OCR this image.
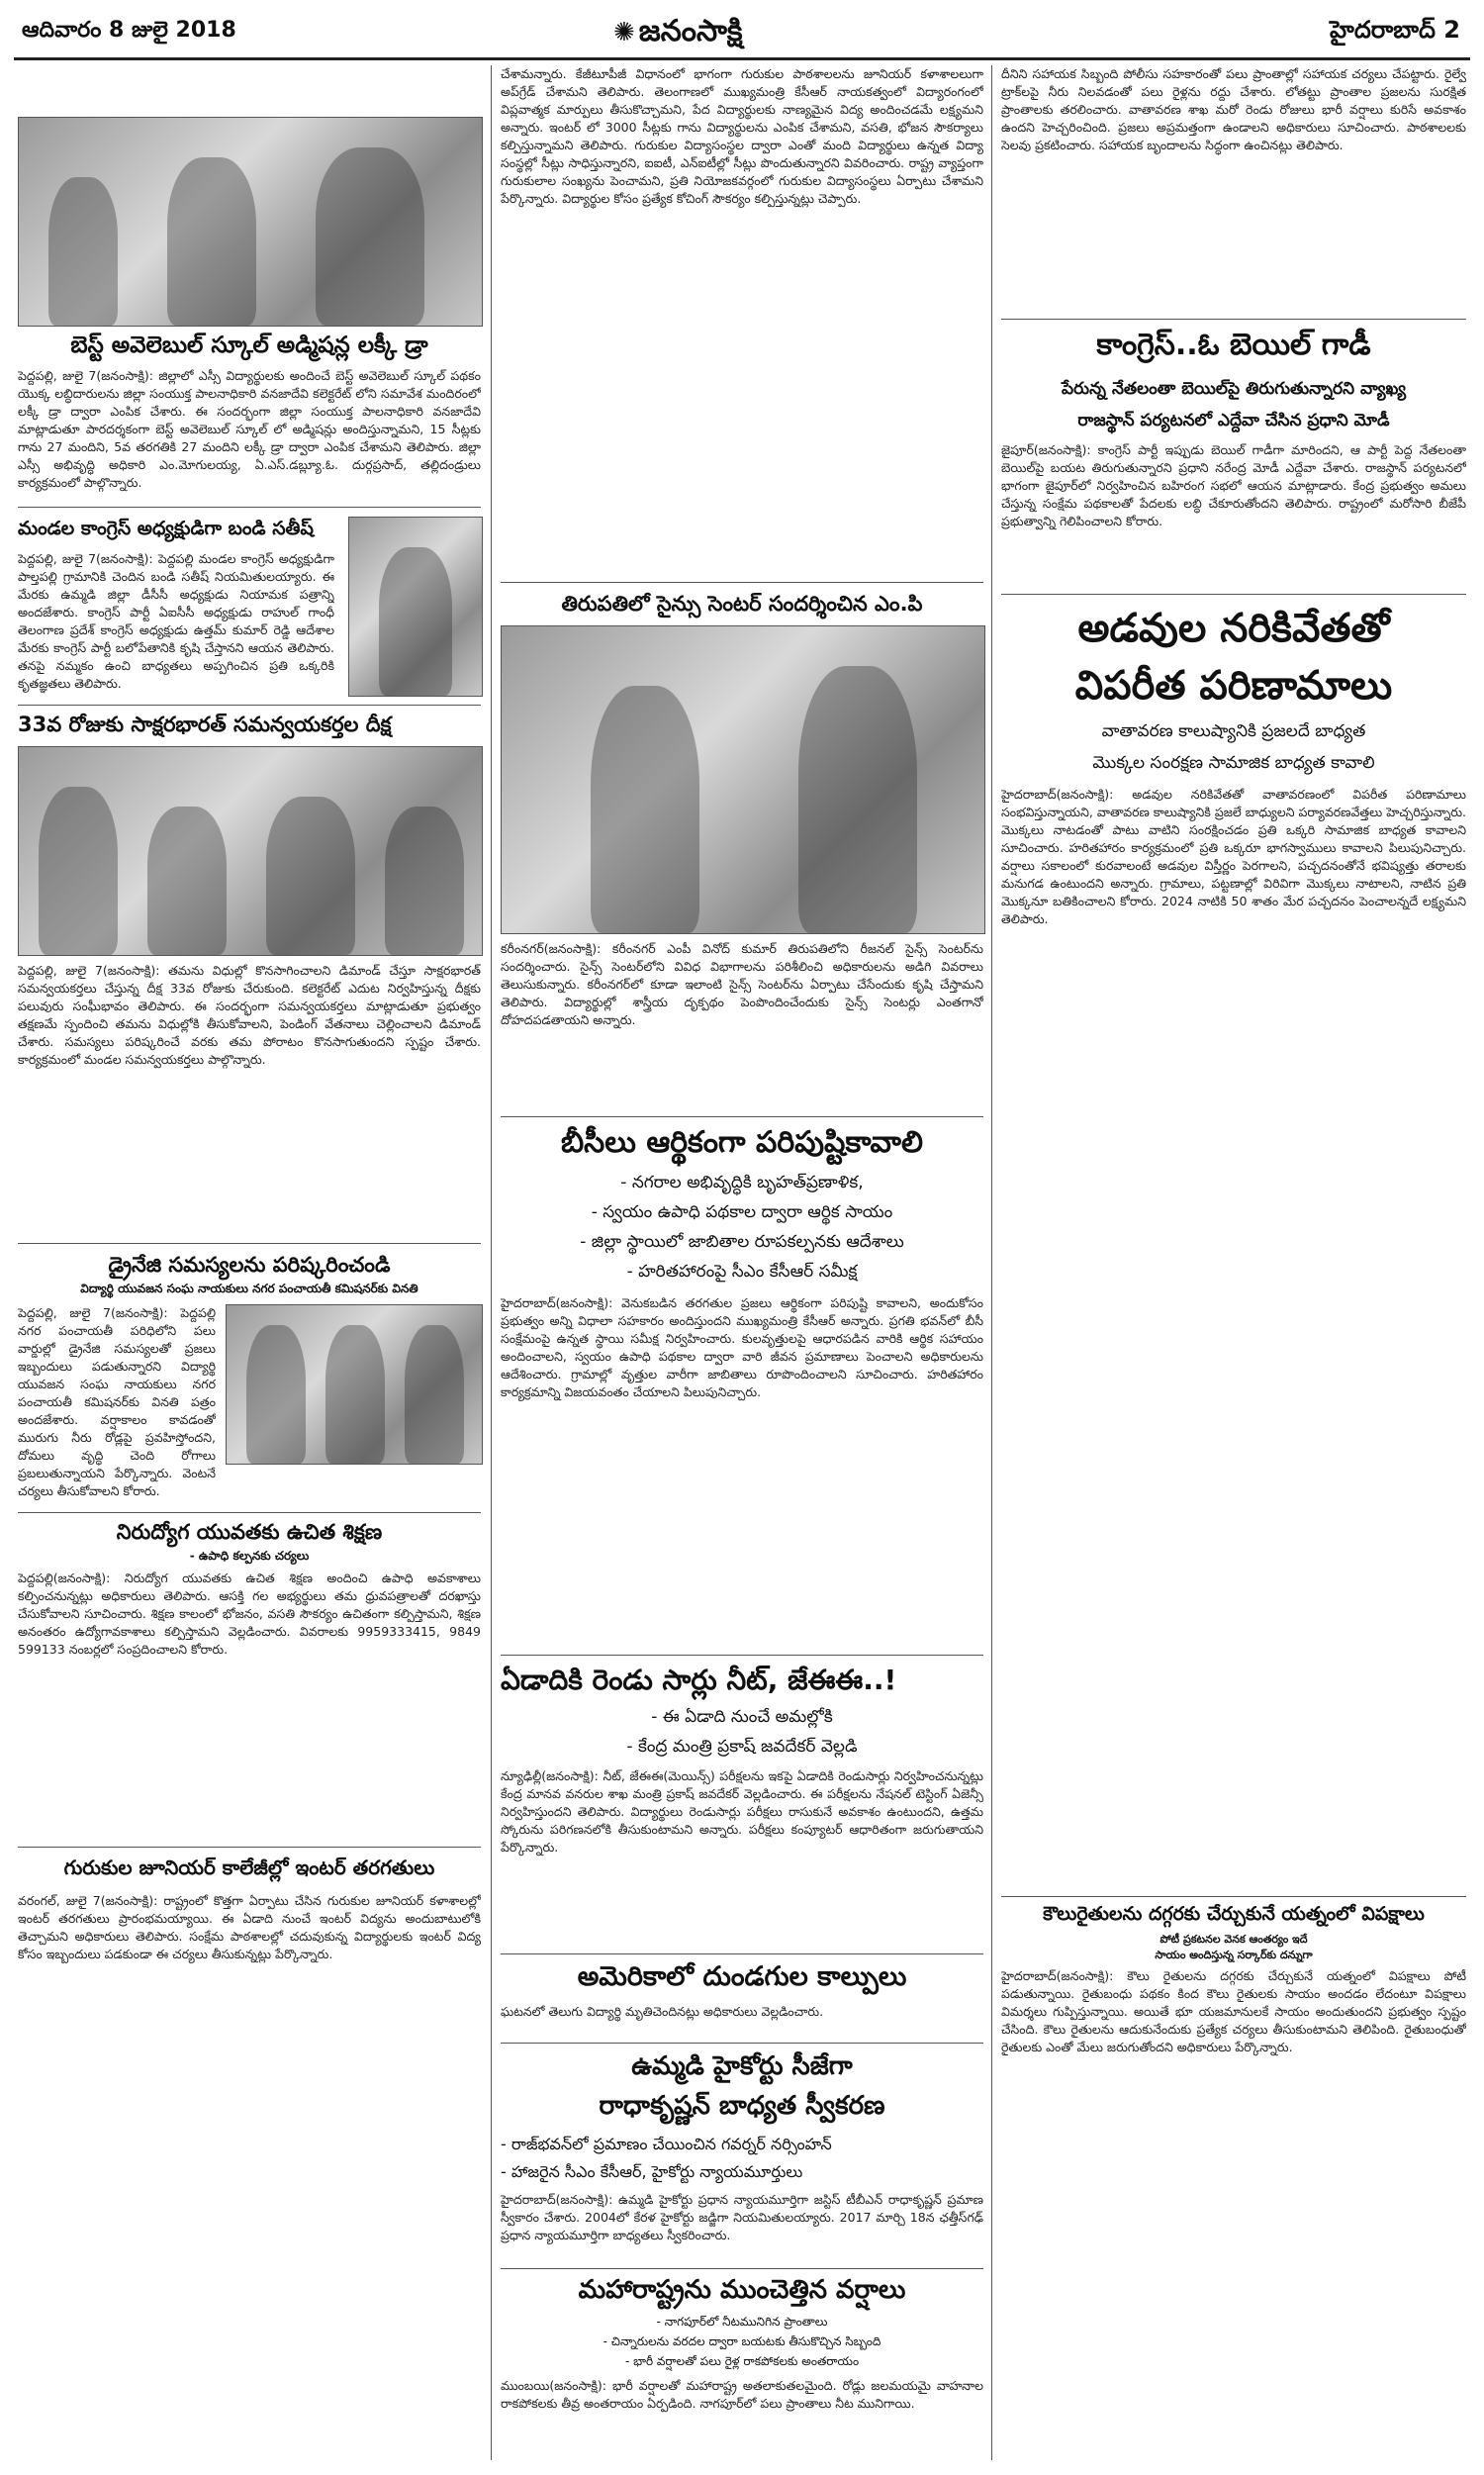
ఆదివారం 8 జులై 2018	✺ జనంసాక్షి	హైదరాబాద్ 2
బెస్ట్ అవెలెబుల్ స్కూల్ అడ్మిషన్ల లక్కీ డ్రా
పెద్దపల్లి, జులై 7(జనంసాక్షి): జిల్లాలో ఎస్సీ విద్యార్థులకు అందించే బెస్ట్ అవెలెబుల్ స్కూల్ పథకం యొక్క లబ్ధిదారులను జిల్లా సంయుక్త పాలనాధికారి వనజాదేవి కలెక్టరేట్ లోని సమావేశ మందిరంలో లక్కీ డ్రా ద్వారా ఎంపిక చేశారు. ఈ సందర్భంగా జిల్లా సంయుక్త పాలనాధికారి వనజాదేవి మాట్లాడుతూ పారదర్శకంగా బెస్ట్ అవెలెబుల్ స్కూల్ లో అడ్మిషన్లు అందిస్తున్నామని, 15 సీట్లకు గాను 27 మందిని, 5వ తరగతికి 27 మందిని లక్కీ డ్రా ద్వారా ఎంపిక చేశామని తెలిపారు. జిల్లా ఎస్సీ అభివృద్ధి అధికారి ఎం.మోగులయ్య, ఏ.ఎస్.డబ్ల్యూ.ఓ. దుర్గప్రసాద్, తల్లిదండ్రులు కార్యక్రమంలో పాల్గొన్నారు.
మండల కాంగ్రెస్ అధ్యక్షుడిగా బండి సతీష్
పెద్దపల్లి, జులై 7(జనంసాక్షి): పెద్దపల్లి మండల కాంగ్రెస్ అధ్యక్షుడిగా పాల్తపల్లి గ్రామానికి చెందిన బండి సతీష్ నియమితులయ్యారు. ఈ మేరకు ఉమ్మడి జిల్లా డీసీసీ అధ్యక్షుడు నియామక పత్రాన్ని అందజేశారు. కాంగ్రెస్ పార్టీ ఏఐసీసీ అధ్యక్షుడు రాహుల్ గాంధీ తెలంగాణ ప్రదేశ్ కాంగ్రెస్ అధ్యక్షుడు ఉత్తమ్ కుమార్ రెడ్డి ఆదేశాల మేరకు కాంగ్రెస్ పార్టీ బలోపేతానికి కృషి చేస్తానని ఆయన తెలిపారు. తనపై నమ్మకం ఉంచి బాధ్యతలు అప్పగించిన ప్రతి ఒక్కరికి కృతజ్ఞతలు తెలిపారు.
33వ రోజుకు సాక్షరభారత్ సమన్వయకర్తల దీక్ష
పెద్దపల్లి, జులై 7(జనంసాక్షి): తమను విధుల్లో కొనసాగించాలని డిమాండ్ చేస్తూ సాక్షరభారత్ సమన్వయకర్తలు చేస్తున్న దీక్ష 33వ రోజుకు చేరుకుంది. కలెక్టరేట్ ఎదుట నిర్వహిస్తున్న దీక్షకు పలువురు సంఘీభావం తెలిపారు. ఈ సందర్భంగా సమన్వయకర్తలు మాట్లాడుతూ ప్రభుత్వం తక్షణమే స్పందించి తమను విధుల్లోకి తీసుకోవాలని, పెండింగ్ వేతనాలు చెల్లించాలని డిమాండ్ చేశారు. సమస్యలు పరిష్కరించే వరకు తమ పోరాటం కొనసాగుతుందని స్పష్టం చేశారు. కార్యక్రమంలో మండల సమన్వయకర్తలు పాల్గొన్నారు.
డ్రైనేజి సమస్యలను పరిష్కరించండి
విద్యార్థి యువజన సంఘ నాయకులు నగర పంచాయతీ కమిషనర్‌కు వినతి
పెద్దపల్లి, జులై 7(జనంసాక్షి): పెద్దపల్లి నగర పంచాయతీ పరిధిలోని పలు వార్డుల్లో డ్రైనేజి సమస్యలతో ప్రజలు ఇబ్బందులు పడుతున్నారని విద్యార్థి యువజన సంఘ నాయకులు నగర పంచాయతీ కమిషనర్‌కు వినతి పత్రం అందజేశారు. వర్షాకాలం కావడంతో మురుగు నీరు రోడ్లపై ప్రవహిస్తోందని, దోమలు వృద్ధి చెంది రోగాలు ప్రబలుతున్నాయని పేర్కొన్నారు. వెంటనే చర్యలు తీసుకోవాలని కోరారు.
నిరుద్యోగ యువతకు ఉచిత శిక్షణ
- ఉపాధి కల్పనకు చర్యలు
పెద్దపల్లి(జనంసాక్షి): నిరుద్యోగ యువతకు ఉచిత శిక్షణ అందించి ఉపాధి అవకాశాలు కల్పించనున్నట్లు అధికారులు తెలిపారు. ఆసక్తి గల అభ్యర్థులు తమ ధ్రువపత్రాలతో దరఖాస్తు చేసుకోవాలని సూచించారు. శిక్షణ కాలంలో భోజనం, వసతి సౌకర్యం ఉచితంగా కల్పిస్తామని, శిక్షణ అనంతరం ఉద్యోగావకాశాలు కల్పిస్తామని వెల్లడించారు. వివరాలకు 9959333415, 9849 599133 నంబర్లలో సంప్రదించాలని కోరారు.
గురుకుల జూనియర్ కాలేజీల్లో ఇంటర్ తరగతులు
వరంగల్, జులై 7(జనంసాక్షి): రాష్ట్రంలో కొత్తగా ఏర్పాటు చేసిన గురుకుల జూనియర్ కళాశాలల్లో ఇంటర్ తరగతులు ప్రారంభమయ్యాయి. ఈ ఏడాది నుంచే ఇంటర్ విద్యను అందుబాటులోకి తెచ్చామని అధికారులు తెలిపారు. సంక్షేమ పాఠశాలల్లో చదువుకున్న విద్యార్థులకు ఇంటర్ విద్య కోసం ఇబ్బందులు పడకుండా ఈ చర్యలు తీసుకున్నట్లు పేర్కొన్నారు.
చేశామన్నారు. కేజీటూపీజీ విధానంలో భాగంగా గురుకుల పాఠశాలలను జూనియర్ కళాశాలలుగా అప్‌గ్రేడ్ చేశామని తెలిపారు. తెలంగాణలో ముఖ్యమంత్రి కేసీఆర్ నాయకత్వంలో విద్యారంగంలో విప్లవాత్మక మార్పులు తీసుకొచ్చామని, పేద విద్యార్థులకు నాణ్యమైన విద్య అందించడమే లక్ష్యమని అన్నారు. ఇంటర్ లో 3000 సీట్లకు గాను విద్యార్థులను ఎంపిక చేశామని, వసతి, భోజన సౌకర్యాలు కల్పిస్తున్నామని తెలిపారు. గురుకుల విద్యాసంస్థల ద్వారా ఎంతో మంది విద్యార్థులు ఉన్నత విద్యా సంస్థల్లో సీట్లు సాధిస్తున్నారని, ఐఐటీ, ఎన్ఐటీల్లో సీట్లు పొందుతున్నారని వివరించారు. రాష్ట్ర వ్యాప్తంగా గురుకులాల సంఖ్యను పెంచామని, ప్రతి నియోజకవర్గంలో గురుకుల విద్యాసంస్థలు ఏర్పాటు చేశామని పేర్కొన్నారు. విద్యార్థుల కోసం ప్రత్యేక కోచింగ్ సౌకర్యం కల్పిస్తున్నట్లు చెప్పారు.
తిరుపతిలో సైన్సు సెంటర్ సందర్శించిన ఎం.పి
కరీంనగర్(జనంసాక్షి): కరీంనగర్ ఎంపీ వినోద్ కుమార్ తిరుపతిలోని రీజనల్ సైన్స్ సెంటర్‌ను సందర్శించారు. సైన్స్ సెంటర్‌లోని వివిధ విభాగాలను పరిశీలించి అధికారులను అడిగి వివరాలు తెలుసుకున్నారు. కరీంనగర్‌లో కూడా ఇలాంటి సైన్స్ సెంటర్‌ను ఏర్పాటు చేసేందుకు కృషి చేస్తామని తెలిపారు. విద్యార్థుల్లో శాస్త్రీయ దృక్పథం పెంపొందించేందుకు సైన్స్ సెంటర్లు ఎంతగానో దోహదపడతాయని అన్నారు.
బీసీలు ఆర్థికంగా పరిపుష్టికావాలి
- నగరాల అభివృద్ధికి బృహత్‌ప్రణాళిక,
- స్వయం ఉపాధి పథకాల ద్వారా ఆర్థిక సాయం
- జిల్లా స్థాయిలో జాబితాల రూపకల్పనకు ఆదేశాలు
- హరితహారంపై సీఎం కేసీఆర్ సమీక్ష
హైదరాబాద్(జనంసాక్షి): వెనుకబడిన తరగతుల ప్రజలు ఆర్థికంగా పరిపుష్టి కావాలని, అందుకోసం ప్రభుత్వం అన్ని విధాలా సహకారం అందిస్తుందని ముఖ్యమంత్రి కేసీఆర్ అన్నారు. ప్రగతి భవన్‌లో బీసీ సంక్షేమంపై ఉన్నత స్థాయి సమీక్ష నిర్వహించారు. కులవృత్తులపై ఆధారపడిన వారికి ఆర్థిక సహాయం అందించాలని, స్వయం ఉపాధి పథకాల ద్వారా వారి జీవన ప్రమాణాలు పెంచాలని అధికారులను ఆదేశించారు. గ్రామాల్లో వృత్తుల వారీగా జాబితాలు రూపొందించాలని సూచించారు. హరితహారం కార్యక్రమాన్ని విజయవంతం చేయాలని పిలుపునిచ్చారు.
ఏడాదికి రెండు సార్లు నీట్, జేఈఈ..!
- ఈ ఏడాది నుంచే అమల్లోకి
- కేంద్ర మంత్రి ప్రకాష్ జవదేకర్ వెల్లడి
న్యూఢిల్లీ(జనంసాక్షి): నీట్, జేఈఈ(మెయిన్స్) పరీక్షలను ఇకపై ఏడాదికి రెండుసార్లు నిర్వహించనున్నట్లు కేంద్ర మానవ వనరుల శాఖ మంత్రి ప్రకాష్ జవదేకర్ వెల్లడించారు. ఈ పరీక్షలను నేషనల్ టెస్టింగ్ ఏజెన్సీ నిర్వహిస్తుందని తెలిపారు. విద్యార్థులు రెండుసార్లు పరీక్షలు రాసుకునే అవకాశం ఉంటుందని, ఉత్తమ స్కోరును పరిగణనలోకి తీసుకుంటామని అన్నారు. పరీక్షలు కంప్యూటర్ ఆధారితంగా జరుగుతాయని పేర్కొన్నారు.
అమెరికాలో దుండగుల కాల్పులు
ఘటనలో తెలుగు విద్యార్థి మృతిచెందినట్లు అధికారులు వెల్లడించారు.
ఉమ్మడి హైకోర్టు సీజేగా
రాధాకృష్ణన్ బాధ్యత స్వీకరణ
- రాజ్‌భవన్‌లో ప్రమాణం చేయించిన గవర్నర్ నర్సింహన్
- హాజరైన సీఎం కేసీఆర్, హైకోర్టు న్యాయమూర్తులు
హైదరాబాద్(జనంసాక్షి): ఉమ్మడి హైకోర్టు ప్రధాన న్యాయమూర్తిగా జస్టిస్ టీబీఎన్ రాధాకృష్ణన్ ప్రమాణ స్వీకారం చేశారు. 2004లో కేరళ హైకోర్టు జడ్జిగా నియమితులయ్యారు. 2017 మార్చి 18న ఛత్తీస్‌గఢ్ ప్రధాన న్యాయమూర్తిగా బాధ్యతలు స్వీకరించారు.
మహారాష్ట్రను ముంచెత్తిన వర్షాలు
- నాగపూర్‌లో నీటమునిగిన ప్రాంతాలు
- చిన్నారులను వరదల ద్వారా బయటకు తీసుకొచ్చిన సిబ్బంది
- భారీ వర్షాలతో పలు రైళ్ల రాకపోకలకు అంతరాయం
ముంబయి(జనంసాక్షి): భారీ వర్షాలతో మహారాష్ట్ర అతలాకుతలమైంది. రోడ్లు జలమయమై వాహనాల రాకపోకలకు తీవ్ర అంతరాయం ఏర్పడింది. నాగపూర్‌లో పలు ప్రాంతాలు నీట మునిగాయి.
దీనిని సహాయక సిబ్బంది పోలీసు సహకారంతో పలు ప్రాంతాల్లో సహాయక చర్యలు చేపట్టారు. రైల్వే ట్రాక్‌లపై నీరు నిలవడంతో పలు రైళ్లను రద్దు చేశారు. లోతట్టు ప్రాంతాల ప్రజలను సురక్షిత ప్రాంతాలకు తరలించారు. వాతావరణ శాఖ మరో రెండు రోజులు భారీ వర్షాలు కురిసే అవకాశం ఉందని హెచ్చరించింది. ప్రజలు అప్రమత్తంగా ఉండాలని అధికారులు సూచించారు. పాఠశాలలకు సెలవు ప్రకటించారు. సహాయక బృందాలను సిద్ధంగా ఉంచినట్లు తెలిపారు.
కాంగ్రెస్..ఓ బెయిల్ గాడీ
పేరున్న నేతలంతా బెయిల్‌పై తిరుగుతున్నారని వ్యాఖ్య
రాజస్థాన్ పర్యటనలో ఎద్దేవా చేసిన ప్రధాని మోడీ
జైపూర్(జనంసాక్షి): కాంగ్రెస్ పార్టీ ఇప్పుడు బెయిల్ గాడీగా మారిందని, ఆ పార్టీ పెద్ద నేతలంతా బెయిల్‌పై బయట తిరుగుతున్నారని ప్రధాని నరేంద్ర మోడీ ఎద్దేవా చేశారు. రాజస్థాన్ పర్యటనలో భాగంగా జైపూర్‌లో నిర్వహించిన బహిరంగ సభలో ఆయన మాట్లాడారు. కేంద్ర ప్రభుత్వం అమలు చేస్తున్న సంక్షేమ పథకాలతో పేదలకు లబ్ధి చేకూరుతోందని తెలిపారు. రాష్ట్రంలో మరోసారి బీజేపీ ప్రభుత్వాన్ని గెలిపించాలని కోరారు.
అడవుల నరికివేతతో
విపరీత పరిణామాలు
వాతావరణ కాలుష్యానికి ప్రజలదే బాధ్యత
మొక్కల సంరక్షణ సామాజిక బాధ్యత కావాలి
హైదరాబాద్(జనంసాక్షి): అడవుల నరికివేతతో వాతావరణంలో విపరీత పరిణామాలు సంభవిస్తున్నాయని, వాతావరణ కాలుష్యానికి ప్రజలే బాధ్యులని పర్యావరణవేత్తలు హెచ్చరిస్తున్నారు. మొక్కలు నాటడంతో పాటు వాటిని సంరక్షించడం ప్రతి ఒక్కరి సామాజిక బాధ్యత కావాలని సూచించారు. హరితహారం కార్యక్రమంలో ప్రతి ఒక్కరూ భాగస్వాములు కావాలని పిలుపునిచ్చారు. వర్షాలు సకాలంలో కురవాలంటే అడవుల విస్తీర్ణం పెరగాలని, పచ్చదనంతోనే భవిష్యత్తు తరాలకు మనుగడ ఉంటుందని అన్నారు. గ్రామాలు, పట్టణాల్లో విరివిగా మొక్కలు నాటాలని, నాటిన ప్రతి మొక్కనూ బతికించాలని కోరారు. 2024 నాటికి 50 శాతం మేర పచ్చదనం పెంచాలన్నదే లక్ష్యమని తెలిపారు.
కౌలురైతులను దగ్గరకు చేర్చుకునే యత్నంలో విపక్షాలు
పోటీ ప్రకటనల వెనక ఆంతర్యం ఇదే
సాయం అందిస్తున్న సర్కార్‌కు దన్నుగా
హైదరాబాద్(జనంసాక్షి): కౌలు రైతులను దగ్గరకు చేర్చుకునే యత్నంలో విపక్షాలు పోటీ పడుతున్నాయి. రైతుబంధు పథకం కింద కౌలు రైతులకు సాయం అందడం లేదంటూ విపక్షాలు విమర్శలు గుప్పిస్తున్నాయి. అయితే భూ యజమానులకే సాయం అందుతుందని ప్రభుత్వం స్పష్టం చేసింది. కౌలు రైతులను ఆదుకునేందుకు ప్రత్యేక చర్యలు తీసుకుంటామని తెలిపింది. రైతుబంధుతో రైతులకు ఎంతో మేలు జరుగుతోందని అధికారులు పేర్కొన్నారు.
